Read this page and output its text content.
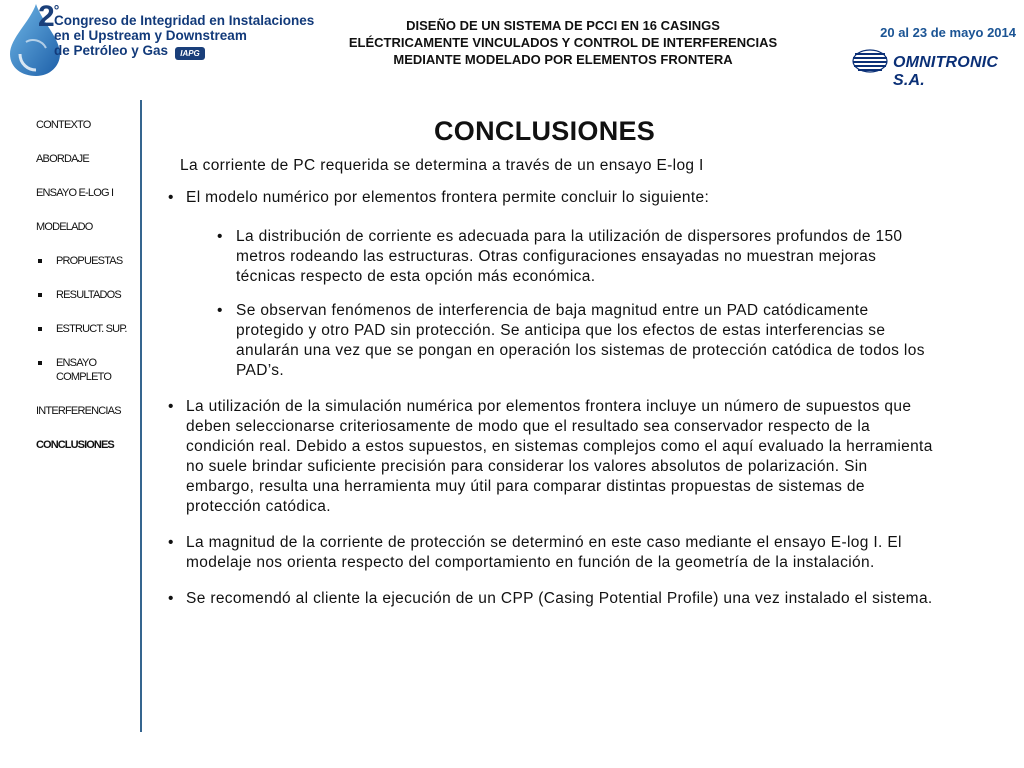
2°
Congreso de Integridad en Instalaciones
en el Upstream y Downstream
de Petróleo y Gas	IAPG
DISEÑO DE UN SISTEMA DE PCCI EN 16 CASINGS
ELÉCTRICAMENTE VINCULADOS Y CONTROL DE INTERFERENCIAS
MEDIANTE MODELADO POR ELEMENTOS FRONTERA
20 al 23 de mayo 2014
OMNITRONIC S.A.
CONTEXTO
ABORDAJE
ENSAYO E-LOG I
MODELADO
PROPUESTAS
RESULTADOS
ESTRUCT. SUP.
ENSAYO COMPLETO
INTERFERENCIAS
CONCLUSIONES
CONCLUSIONES
La corriente de PC requerida se determina a través de un ensayo E-log I
• El modelo numérico por elementos frontera permite concluir lo siguiente:
• La distribución de corriente es adecuada para la utilización de dispersores profundos de 150 metros rodeando las estructuras. Otras configuraciones ensayadas no muestran mejoras técnicas respecto de esta opción más económica.
• Se observan fenómenos de interferencia de baja magnitud entre un PAD catódicamente protegido y otro PAD sin protección. Se anticipa que los efectos de estas interferencias se anularán una vez que se pongan en operación los sistemas de protección catódica de todos los PAD’s.
• La utilización de la simulación numérica por elementos frontera incluye un número de supuestos que deben seleccionarse criteriosamente de modo que el resultado sea conservador respecto de la condición real. Debido a estos supuestos, en sistemas complejos como el aquí evaluado la herramienta no suele brindar suficiente precisión para considerar los valores absolutos de polarización. Sin embargo, resulta una herramienta muy útil para comparar distintas propuestas de sistemas de protección catódica.
• La magnitud de la corriente de protección se determinó en este caso mediante el ensayo E-log I. El modelaje nos orienta respecto del comportamiento en función de la geometría de la instalación.
• Se recomendó al cliente la ejecución de un CPP (Casing Potential Profile) una vez instalado el sistema.
